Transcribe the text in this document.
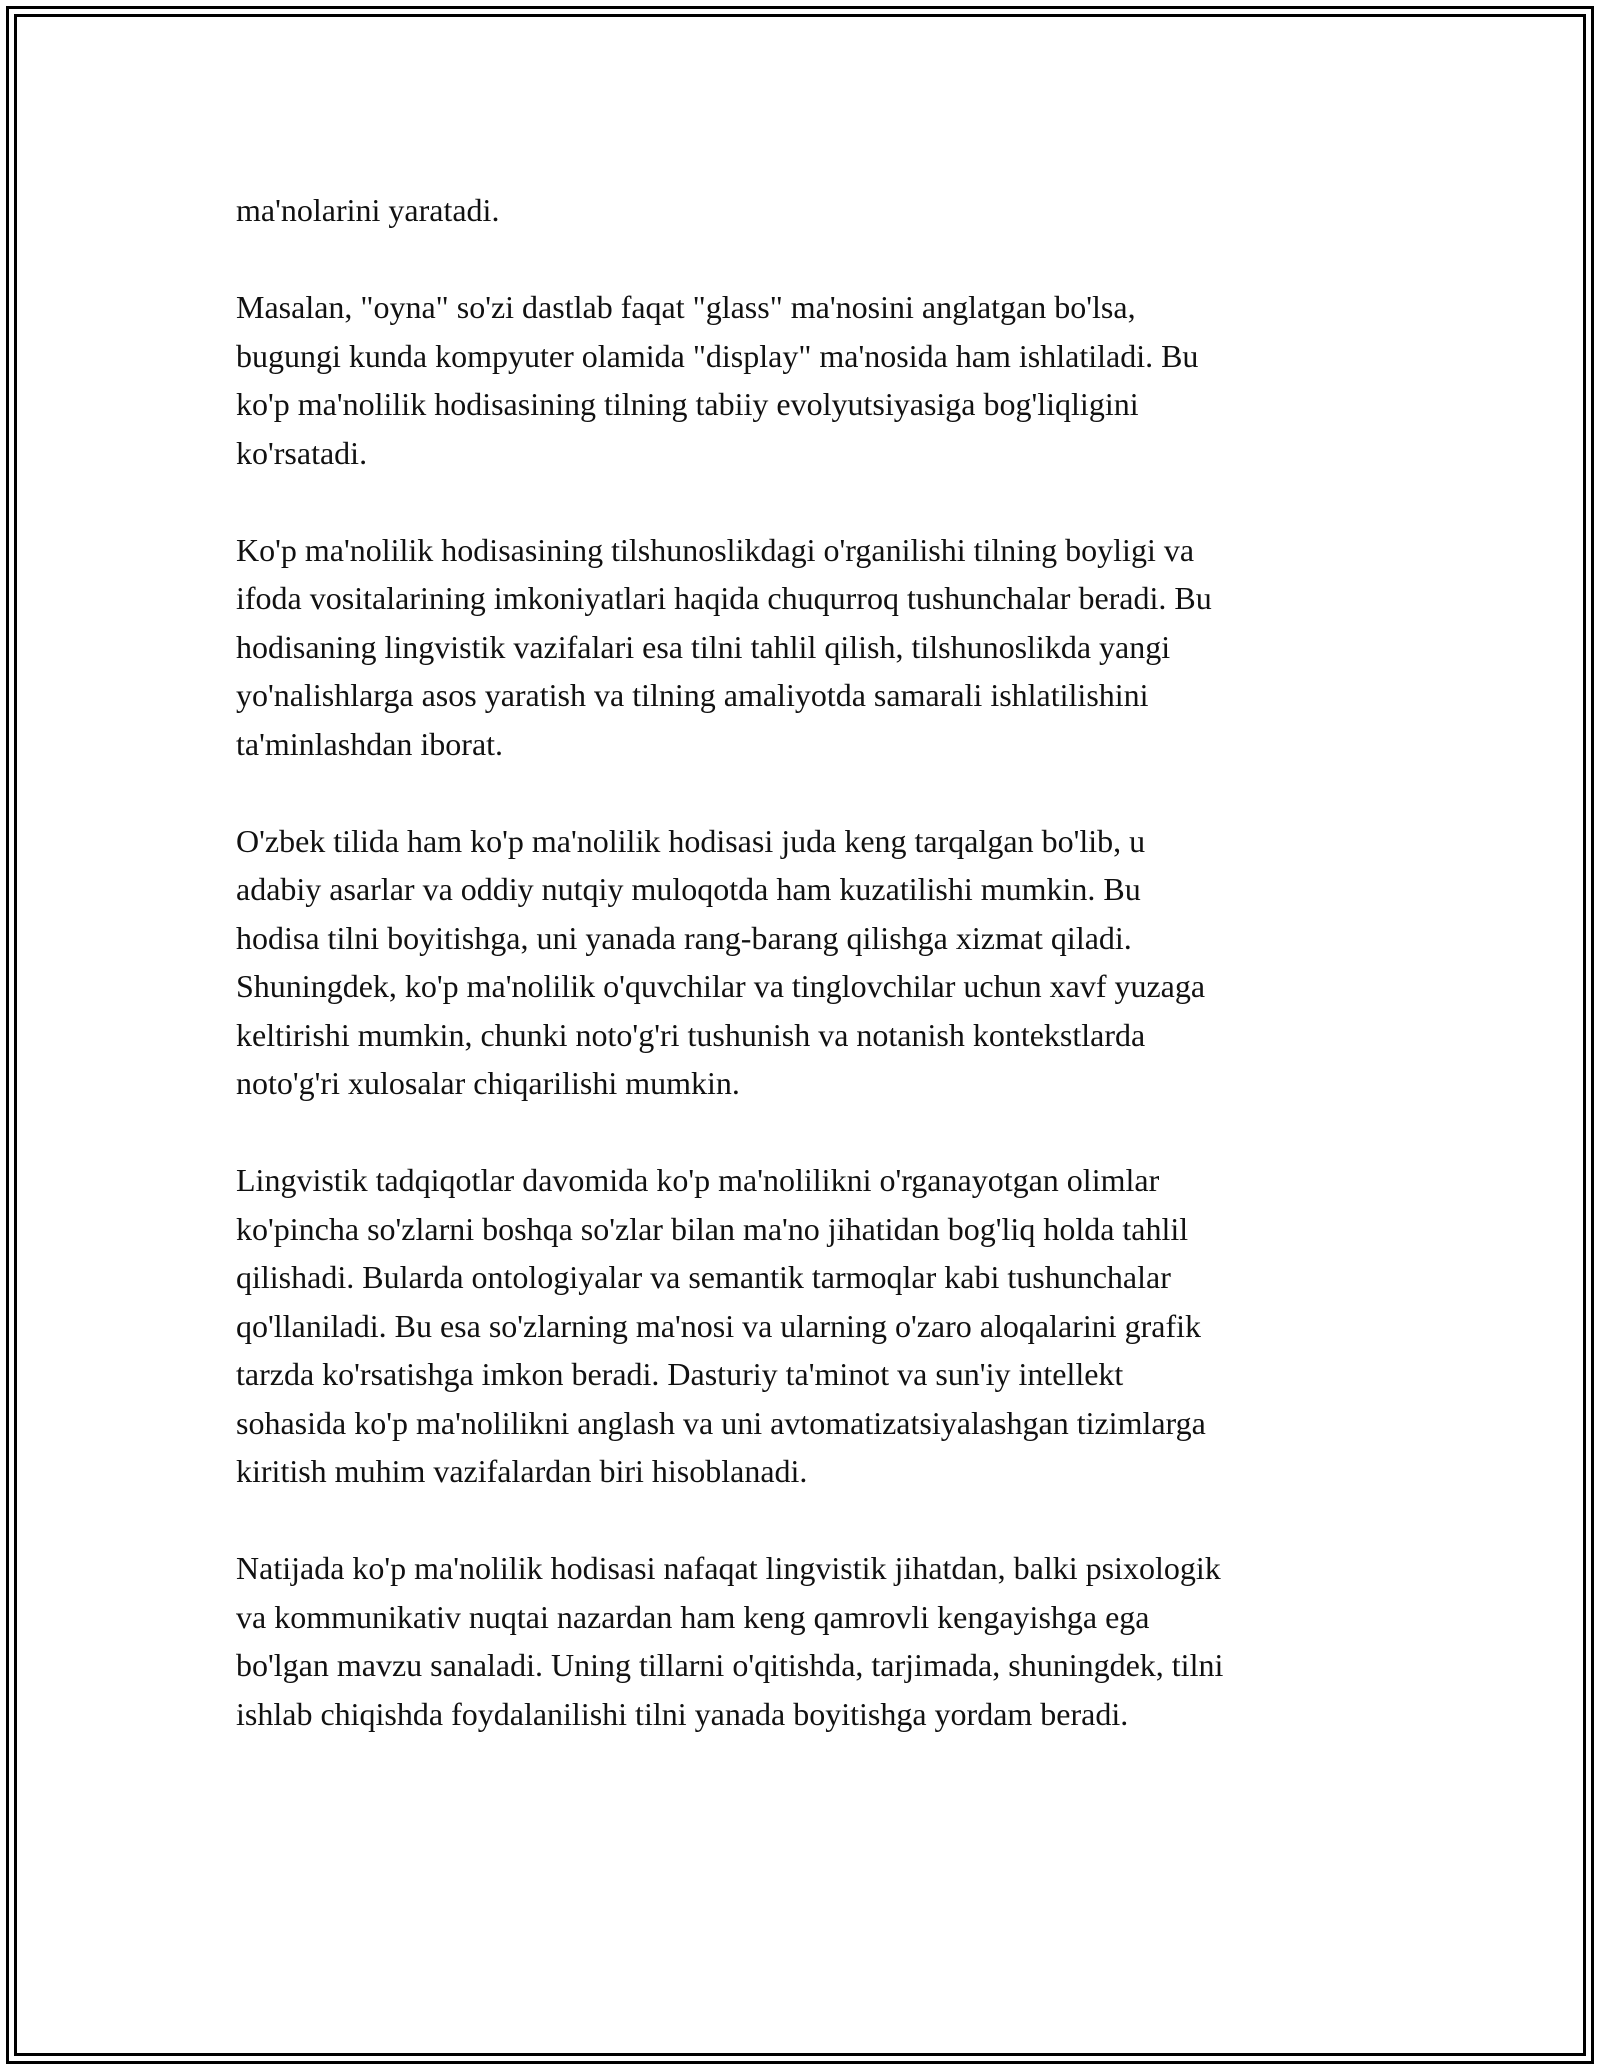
ma'nolarini yaratadi.

Masalan, "oyna" so'zi dastlab faqat "glass" ma'nosini anglatgan bo'lsa,
bugungi kunda kompyuter olamida "display" ma'nosida ham ishlatiladi. Bu
ko'p ma'nolilik hodisasining tilning tabiiy evolyutsiyasiga bog'liqligini
ko'rsatadi.

Ko'p ma'nolilik hodisasining tilshunoslikdagi o'rganilishi tilning boyligi va
ifoda vositalarining imkoniyatlari haqida chuqurroq tushunchalar beradi. Bu
hodisaning lingvistik vazifalari esa tilni tahlil qilish, tilshunoslikda yangi
yo'nalishlarga asos yaratish va tilning amaliyotda samarali ishlatilishini
ta'minlashdan iborat.

O'zbek tilida ham ko'p ma'nolilik hodisasi juda keng tarqalgan bo'lib, u
adabiy asarlar va oddiy nutqiy muloqotda ham kuzatilishi mumkin. Bu
hodisa tilni boyitishga, uni yanada rang-barang qilishga xizmat qiladi.
Shuningdek, ko'p ma'nolilik o'quvchilar va tinglovchilar uchun xavf yuzaga
keltirishi mumkin, chunki noto'g'ri tushunish va notanish kontekstlarda
noto'g'ri xulosalar chiqarilishi mumkin.

Lingvistik tadqiqotlar davomida ko'p ma'nolilikni o'rganayotgan olimlar
ko'pincha so'zlarni boshqa so'zlar bilan ma'no jihatidan bog'liq holda tahlil
qilishadi. Bularda ontologiyalar va semantik tarmoqlar kabi tushunchalar
qo'llaniladi. Bu esa so'zlarning ma'nosi va ularning o'zaro aloqalarini grafik
tarzda ko'rsatishga imkon beradi. Dasturiy ta'minot va sun'iy intellekt
sohasida ko'p ma'nolilikni anglash va uni avtomatizatsiyalashgan tizimlarga
kiritish muhim vazifalardan biri hisoblanadi.

Natijada ko'p ma'nolilik hodisasi nafaqat lingvistik jihatdan, balki psixologik
va kommunikativ nuqtai nazardan ham keng qamrovli kengayishga ega
bo'lgan mavzu sanaladi. Uning tillarni o'qitishda, tarjimada, shuningdek, tilni
ishlab chiqishda foydalanilishi tilni yanada boyitishga yordam beradi.
